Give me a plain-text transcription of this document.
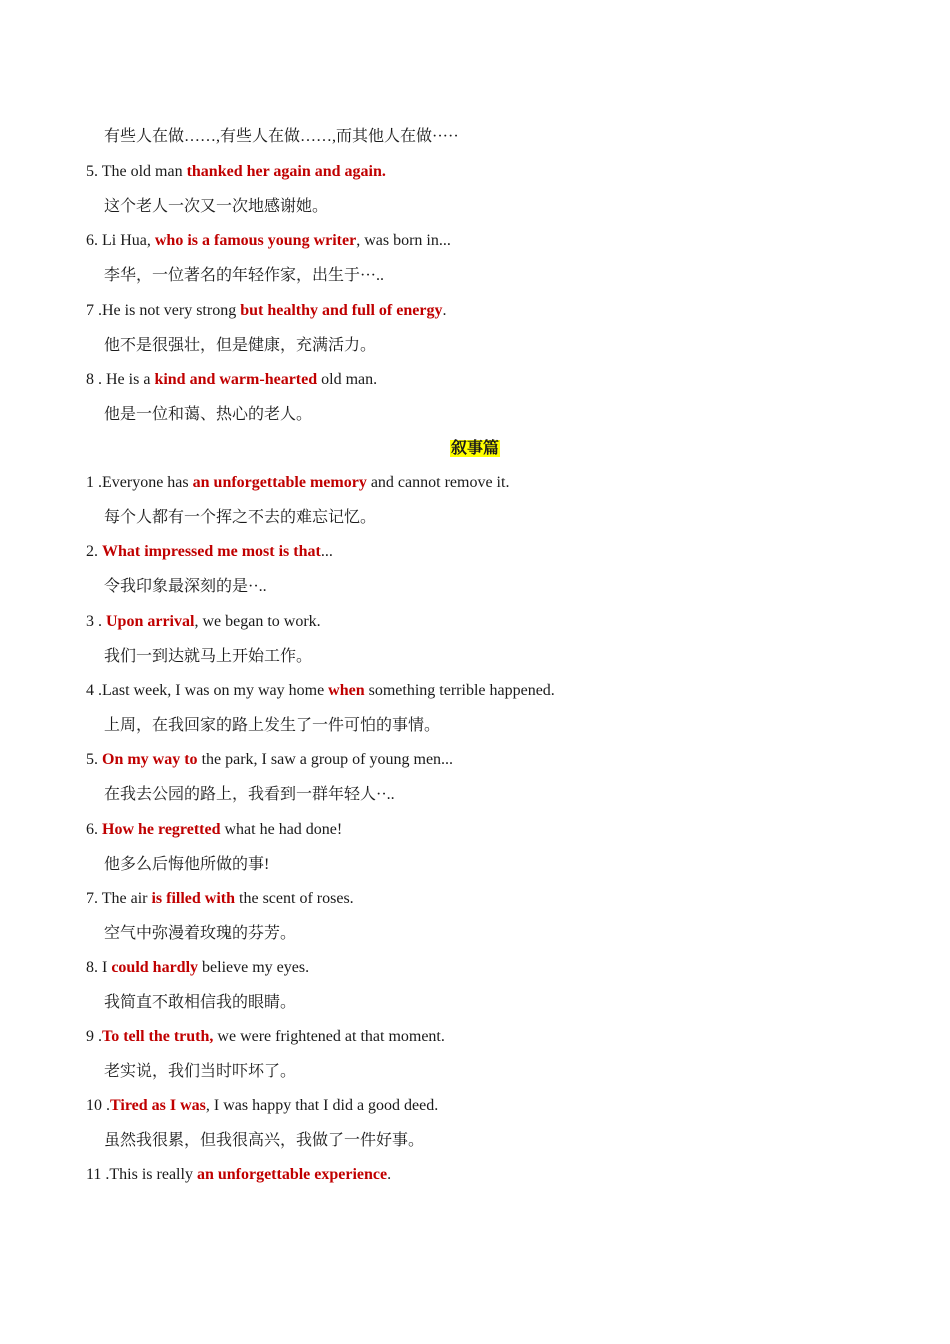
有些人在做……,有些人在做……,而其他人在做·····
5. The old man thanked her again and again.
这个老人一次又一次地感谢她。
6. Li Hua, who is a famous young writer, was born in...
李华，一位著名的年轻作家，出生于···..
7 .He is not very strong but healthy and full of energy.
他不是很强壮，但是健康，充满活力。
8 . He is a kind and warm-hearted old man.
他是一位和蔼、热心的老人。
叙事篇
1 .Everyone has an unforgettable memory and cannot remove it.
每个人都有一个挥之不去的难忘记忆。
2. What impressed me most is that...
令我印象最深刻的是··..
3 . Upon arrival, we began to work.
我们一到达就马上开始工作。
4 .Last week, I was on my way home when something terrible happened.
上周，在我回家的路上发生了一件可怕的事情。
5. On my way to the park, I saw a group of young men...
在我去公园的路上，我看到一群年轻人··..
6. How he regretted what he had done!
他多么后悔他所做的事!
7. The air is filled with the scent of roses.
空气中弥漫着玫瑰的芬芳。
8. I could hardly believe my eyes.
我简直不敢相信我的眼睛。
9 .To tell the truth, we were frightened at that moment.
老实说，我们当时吓坏了。
10 .Tired as I was, I was happy that I did a good deed.
虽然我很累，但我很高兴，我做了一件好事。
11 .This is really an unforgettable experience.
